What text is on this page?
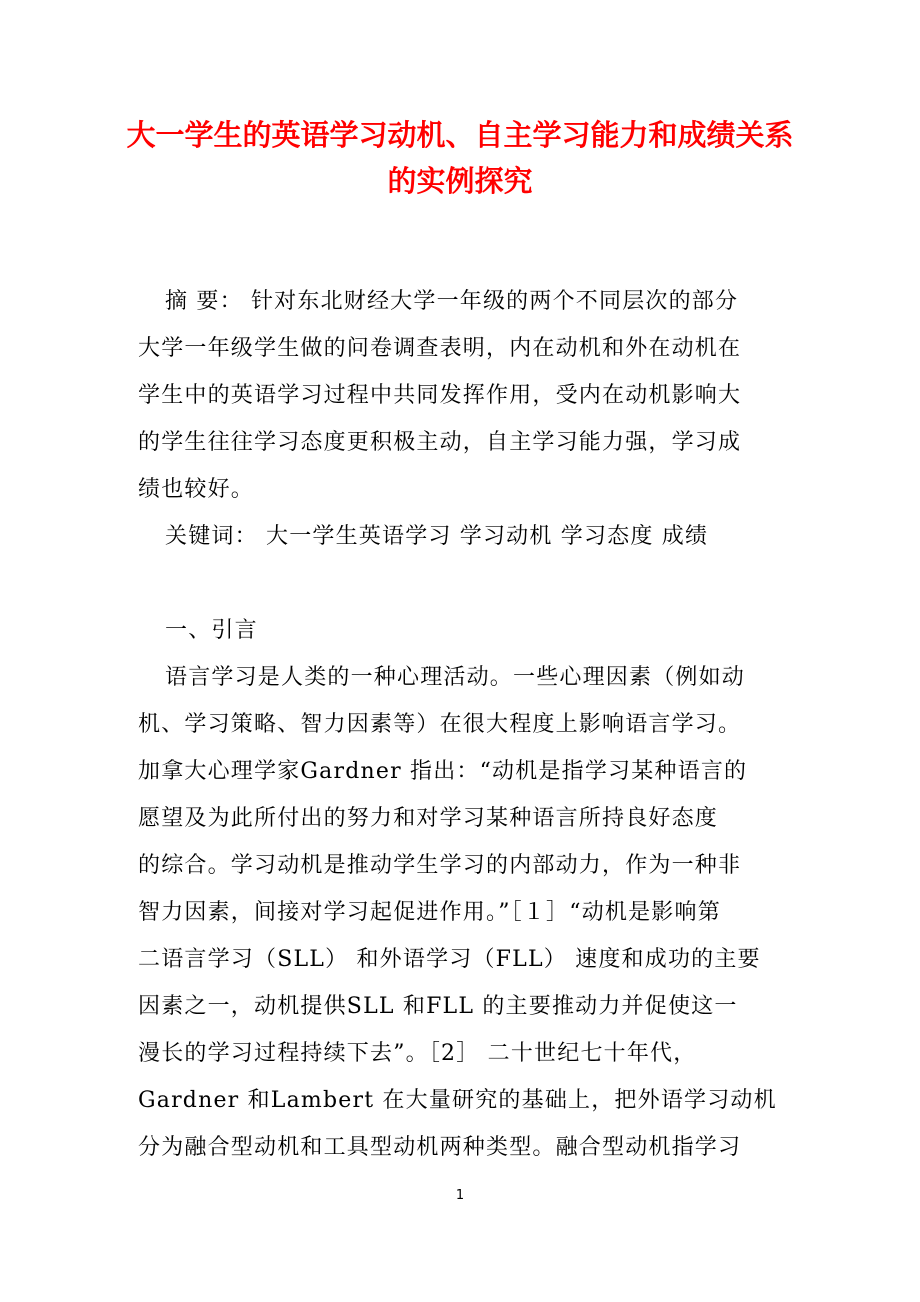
大一学生的英语学习动机、自主学习能力和成绩关系
的实例探究
摘 要： 针对东北财经大学一年级的两个不同层次的部分
大学一年级学生做的问卷调查表明，内在动机和外在动机在
学生中的英语学习过程中共同发挥作用，受内在动机影响大
的学生往往学习态度更积极主动，自主学习能力强，学习成
绩也较好。
关键词： 大一学生英语学习 学习动机 学习态度 成绩
一、引言
语言学习是人类的一种心理活动。一些心理因素（例如动
机、学习策略、智力因素等）在很大程度上影响语言学习。
加拿大心理学家Gardner 指出：“动机是指学习某种语言的
愿望及为此所付出的努力和对学习某种语言所持良好态度
的综合。学习动机是推动学生学习的内部动力，作为一种非
智力因素，间接对学习起促进作用。”［１］“动机是影响第
二语言学习（SLL） 和外语学习（FLL） 速度和成功的主要
因素之一，动机提供SLL 和FLL 的主要推动力并促使这一
漫长的学习过程持续下去”。［2］ 二十世纪七十年代，
Gardner 和Lambert 在大量研究的基础上，把外语学习动机
分为融合型动机和工具型动机两种类型。融合型动机指学习
1
